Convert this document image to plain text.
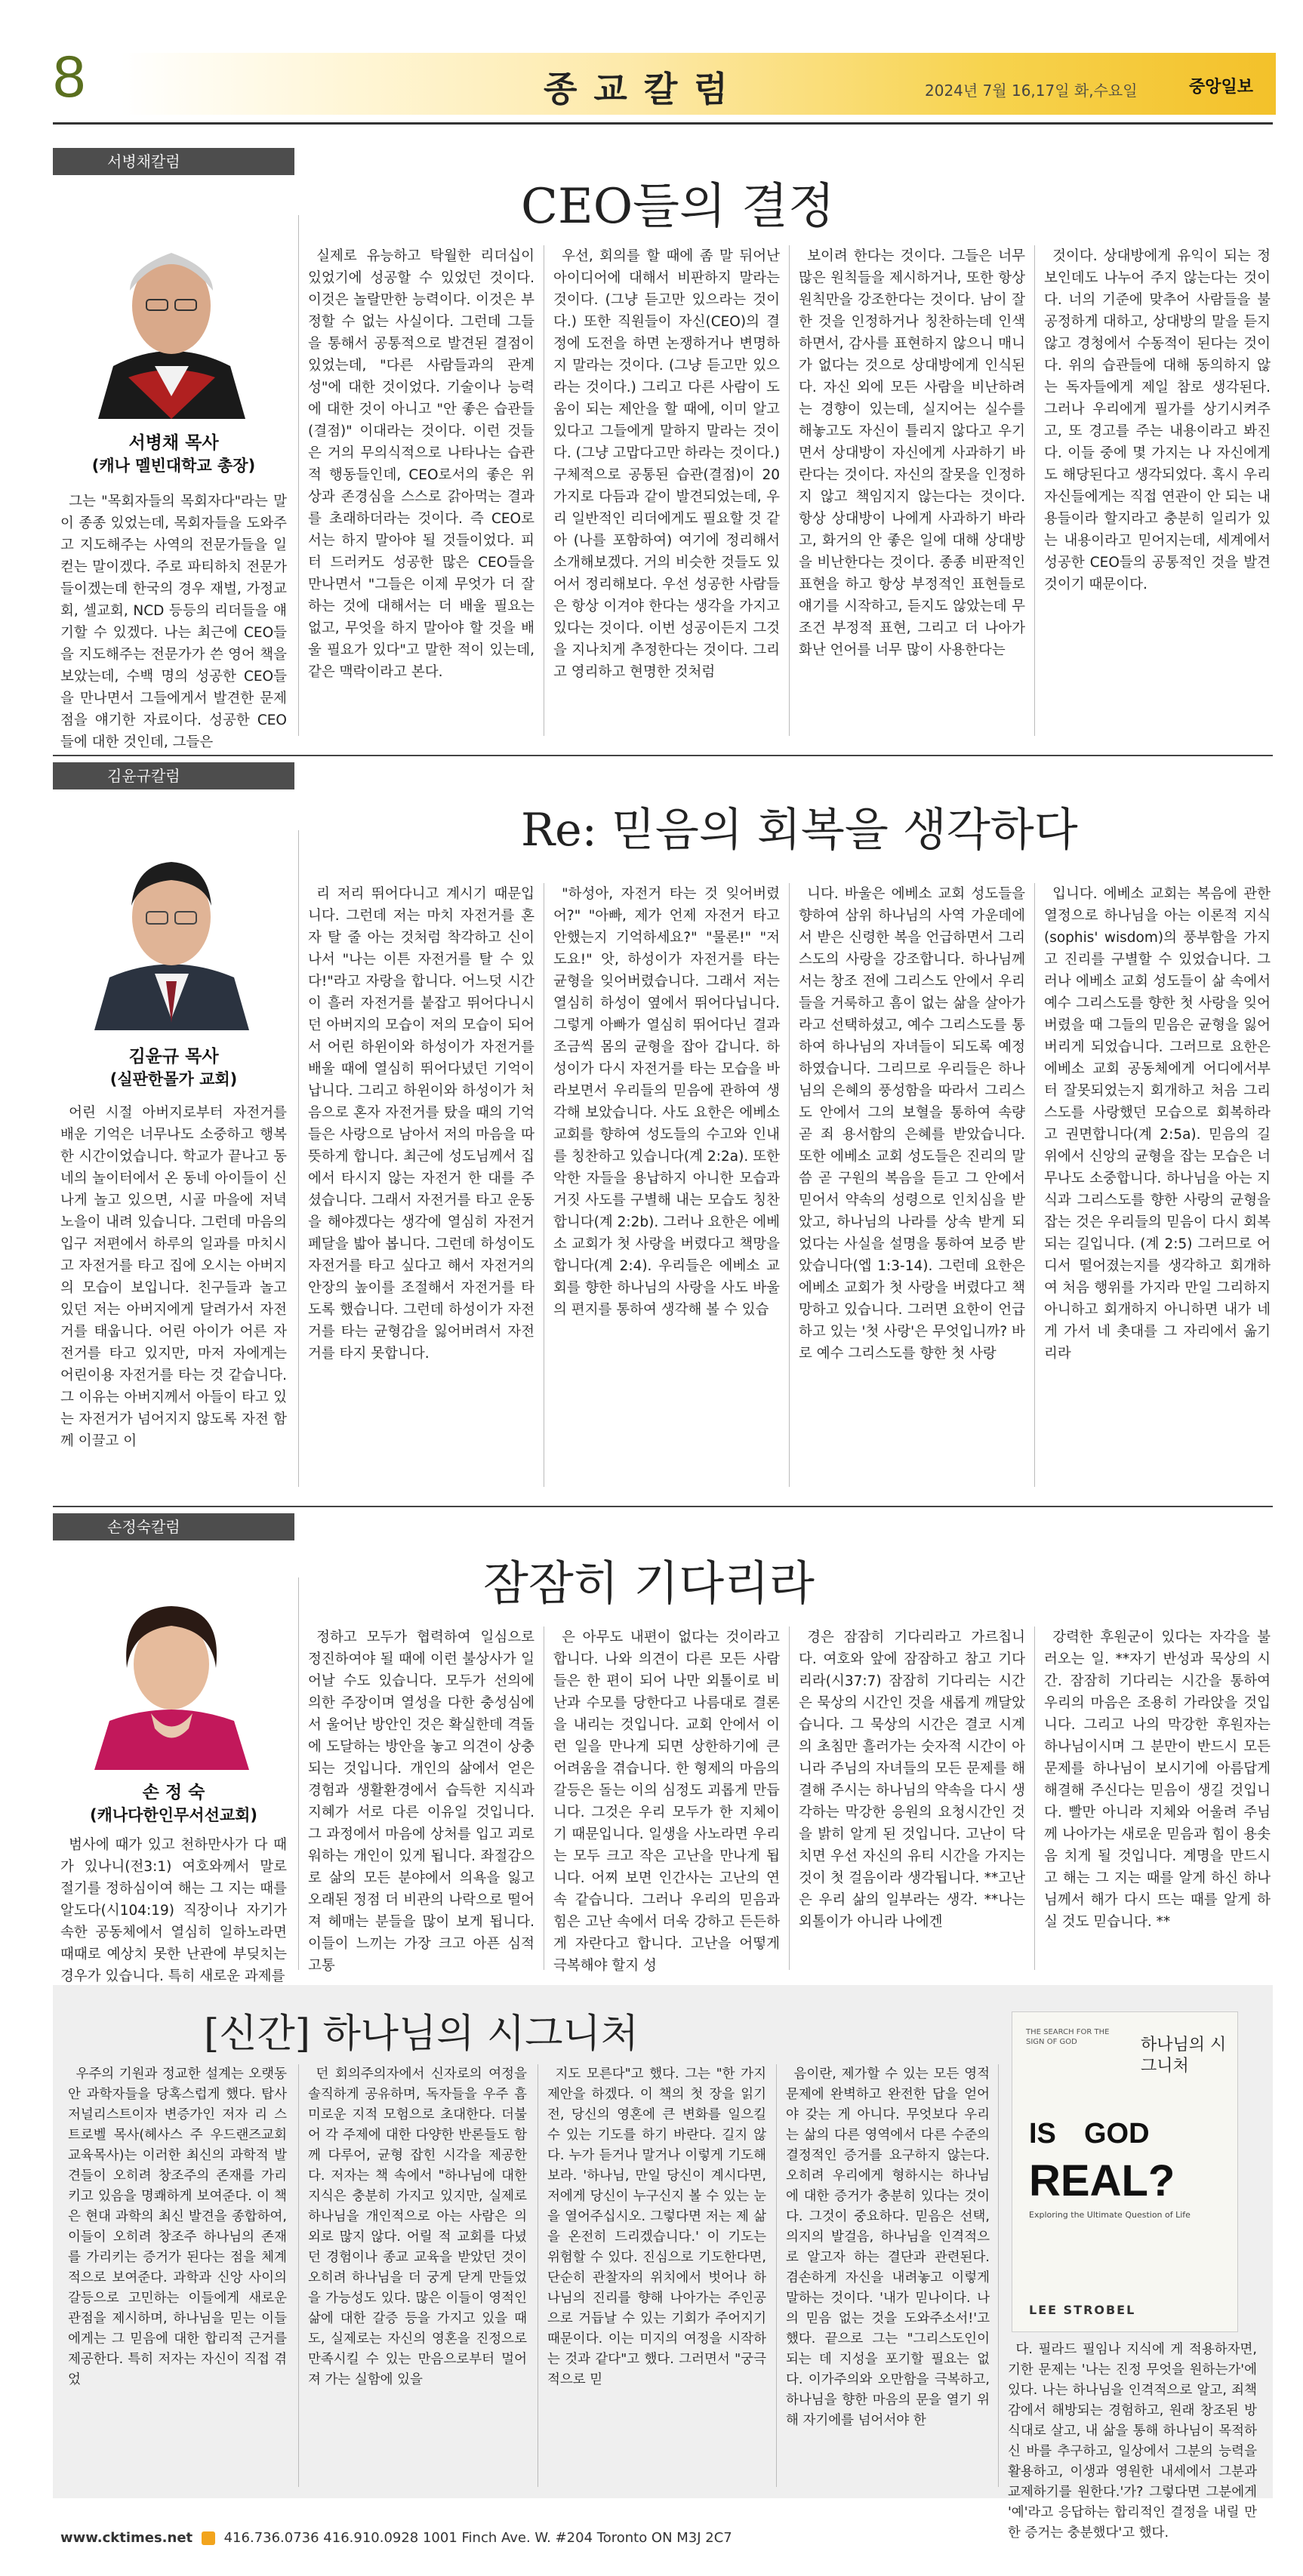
8	종교칼럼	2024년 7월 16,17일 화,수요일	중앙일보
서병채칼럼
CEO들의 결정
서병채 목사
(캐나 멜빈대학교 총장)

그는 "목회자들의 목회자다"라는 말이 종종 있었는데, 목회자들을 도와주고 지도해주는 사역의 전문가들을 일컫는 말이겠다. 주로 파티하치 전문가들이겠는데 한국의 경우 재벌, 가정교회, 셀교회, NCD 등등의 리더들을 얘기할 수 있겠다. 나는 최근에 CEO들을 지도해주는 전문가가 쓴 영어 책을 보았는데, 수백 명의 성공한 CEO들을 만나면서 그들에게서 발견한 문제점을 얘기한 자료이다. 성공한 CEO들에 대한 것인데, 그들은

실제로 유능하고 탁월한 리더십이 있었기에 성공할 수 있었던 것이다. 이것은 놀랄만한 능력이다. 이것은 부정할 수 없는 사실이다. 그런데 그들을 통해서 공통적으로 발견된 결점이 있었는데, "다른 사람들과의 관계성"에 대한 것이었다. 기술이나 능력에 대한 것이 아니고 "안 좋은 습관들(결점)" 이대라는 것이다. 이런 것들은 거의 무의식적으로 나타나는 습관적 행동들인데, CEO로서의 좋은 위상과 존경심을 스스로 갉아먹는 결과를 초래하더라는 것이다. 즉 CEO로서는 하지 말아야 될 것들이었다. 피터 드러커도 성공한 많은 CEO들을 만나면서 "그들은 이제 무엇가 더 잘하는 것에 대해서는 더 배울 필요는 없고, 무엇을 하지 말아야 할 것을 배울 필요가 있다"고 말한 적이 있는데, 같은 맥락이라고 본다.

우선, 회의를 할 때에 좀 말 뒤어난 아이디어에 대해서 비판하지 말라는 것이다. (그냥 듣고만 있으라는 것이다.) 또한 직원들이 자신(CEO)의 결정에 도전을 하면 논쟁하거나 변명하지 말라는 것이다. (그냥 듣고만 있으라는 것이다.) 그리고 다른 사람이 도움이 되는 제안을 할 때에, 이미 알고 있다고 그들에게 말하지 말라는 것이다. (그냥 고맙다고만 하라는 것이다.) 구체적으로 공통된 습관(결점)이 20가지로 다듬과 같이 발견되었는데, 우리 일반적인 리더에게도 필요할 것 같아 (나를 포함하여) 여기에 정리해서 소개해보겠다. 거의 비슷한 것들도 있어서 정리해보다. 우선 성공한 사람들은 항상 이겨야 한다는 생각을 가지고 있다는 것이다. 이번 성공이든지 그것을 지나치게 추정한다는 것이다. 그리고 영리하고 현명한 것처럼

보이려 한다는 것이다. 그들은 너무 많은 원칙들을 제시하거나, 또한 항상 원칙만을 강조한다는 것이다. 남이 잘한 것을 인정하거나 칭찬하는데 인색하면서, 감사를 표현하지 않으니 매니가 없다는 것으로 상대방에게 인식된다. 자신 외에 모든 사람을 비난하려는 경향이 있는데, 실지어는 실수를 해놓고도 자신이 틀리지 않다고 우기면서 상대방이 자신에게 사과하기 바란다는 것이다. 자신의 잘못을 인정하지 않고 책임지지 않는다는 것이다. 항상 상대방이 나에게 사과하기 바라고, 화거의 안 좋은 일에 대해 상대방을 비난한다는 것이다. 종종 비판적인 표현을 하고 항상 부정적인 표현들로 얘기를 시작하고, 듣지도 않았는데 무조건 부정적 표현, 그리고 더 나아가 화난 언어를 너무 많이 사용한다는

것이다. 상대방에게 유익이 되는 정보인데도 나누어 주지 않는다는 것이다. 너의 기준에 맞추어 사람들을 불공정하게 대하고, 상대방의 말을 듣지 않고 경청에서 수동적이 된다는 것이다. 위의 습관들에 대해 동의하지 않는 독자들에게 제일 참로 생각된다. 그러나 우리에게 필가를 상기시켜주고, 또 경고를 주는 내용이라고 봐진다. 이들 중에 몇 가지는 나 자신에게도 해당된다고 생각되었다. 혹시 우리 자신들에게는 직접 연관이 안 되는 내용들이라 할지라고 충분히 일리가 있는 내용이라고 믿어지는데, 세계에서 성공한 CEO들의 공통적인 것을 발견 것이기 때문이다.

김윤규칼럼
Re: 믿음의 회복을 생각하다
김윤규 목사
(실판한몰가 교회)

어린 시절 아버지로부터 자전거를 배운 기억은 너무나도 소중하고 행복한 시간이었습니다. 학교가 끝나고 동네의 놀이터에서 온 동네 아이들이 신나게 놀고 있으면, 시골 마을에 저녁 노을이 내려 있습니다. 그런데 마음의 입구 저편에서 하루의 일과를 마치시고 자전거를 타고 집에 오시는 아버지의 모습이 보입니다. 친구들과 놀고 있던 저는 아버지에게 달려가서 자전거를 태웁니다. 어린 아이가 어른 자전거를 타고 있지만, 마저 자에게는 어린이용 자전거를 타는 것 같습니다. 그 이유는 아버지께서 아들이 타고 있는 자전거가 넘어지지 않도록 자전 함께 이끌고 이

리 저리 뛰어다니고 계시기 때문입니다. 그런데 저는 마치 자전거를 혼자 탈 줄 아는 것처럼 착각하고 신이 나서 "나는 이튼 자전거를 탈 수 있다!"라고 자랑을 합니다. 어느덧 시간이 흘러 자전거를 붙잡고 뛰어다니시던 아버지의 모습이 저의 모습이 되어서 어린 하윈이와 하성이가 자전거를 배울 때에 열심히 뛰어다녔던 기억이 납니다. 그리고 하윈이와 하성이가 처음으로 혼자 자전거를 탔을 때의 기억들은 사랑으로 남아서 저의 마음을 따뜻하게 합니다. 최근에 성도님께서 집에서 타시지 않는 자전거 한 대를 주셨습니다. 그래서 자전거를 타고 운동을 해야겠다는 생각에 열심히 자전거 페달을 밟아 봅니다. 그런데 하성이도 자전거를 타고 싶다고 해서 자전거의 안장의 높이를 조절해서 자전거를 타도록 했습니다. 그런데 하성이가 자전거를 타는 균형감을 잃어버려서 자전거를 타지 못합니다.

"하성아, 자전거 타는 것 잊어버렸어?" "아빠, 제가 언제 자전거 타고 안했는지 기억하세요?" "물론!" "저도요!" 앗, 하성이가 자전거를 타는 균형을 잊어버렸습니다. 그래서 저는 열심히 하성이 옆에서 뛰어다닙니다. 그렇게 아빠가 열심히 뛰어다닌 결과 조금씩 몸의 균형을 잡아 갑니다. 하성이가 다시 자전거를 타는 모습을 바라보면서 우리들의 믿음에 관하여 생각해 보았습니다. 사도 요한은 에베소 교회를 향하여 성도들의 수고와 인내를 칭찬하고 있습니다(계 2:2a). 또한 악한 자들을 용납하지 아니한 모습과 거짓 사도를 구별해 내는 모습도 칭찬합니다(계 2:2b). 그러나 요한은 에베소 교회가 첫 사랑을 버렸다고 책망을 합니다(계 2:4). 우리들은 에베소 교회를 향한 하나님의 사랑을 사도 바울의 편지를 통하여 생각해 볼 수 있습

니다. 바울은 에베소 교회 성도들을 향하여 삼위 하나님의 사역 가운데에서 받은 신령한 복을 언급하면서 그리스도의 사랑을 강조합니다. 하나님께서는 창조 전에 그리스도 안에서 우리들을 거룩하고 흠이 없는 삶을 살아가라고 선택하셨고, 예수 그리스도를 통하여 하나님의 자녀들이 되도록 예정하였습니다. 그리므로 우리들은 하나님의 은혜의 풍성함을 따라서 그리스도 안에서 그의 보혈을 통하여 속량 곧 죄 용서함의 은혜를 받았습니다. 또한 에베소 교회 성도들은 진리의 말씀 곧 구원의 복음을 듣고 그 안에서 믿어서 약속의 성령으로 인치심을 받았고, 하나님의 나라를 상속 받게 되었다는 사실을 설명을 통하여 보증 받았습니다(엡 1:3-14). 그런데 요한은 에베소 교회가 첫 사랑을 버렸다고 책망하고 있습니다. 그러면 요한이 언급하고 있는 '첫 사랑'은 무엇입니까? 바로 예수 그리스도를 향한 첫 사랑

입니다. 에베소 교회는 복음에 관한 열정으로 하나님을 아는 이론적 지식(sophis' wisdom)의 풍부함을 가지고 진리를 구별할 수 있었습니다. 그러나 에베소 교회 성도들이 삶 속에서 예수 그리스도를 향한 첫 사랑을 잊어버렸을 때 그들의 믿음은 균형을 잃어버리게 되었습니다. 그러므로 요한은 에베소 교회 공동체에게 어디에서부터 잘못되었는지 회개하고 처음 그리스도를 사랑했던 모습으로 회복하라고 권면합니다(계 2:5a). 믿음의 길 위에서 신앙의 균형을 잡는 모습은 너무나도 소중합니다. 하나님을 아는 지식과 그리스도를 향한 사랑의 균형을 잡는 것은 우리들의 믿음이 다시 회복되는 길입니다. (계 2:5) 그러므로 어디서 떨어졌는지를 생각하고 회개하여 처음 행위를 가지라 만일 그리하지 아니하고 회개하지 아니하면 내가 네게 가서 네 촛대를 그 자리에서 옮기리라

손정숙칼럼
잠잠히 기다리라
손 정 숙
(캐나다한인무서선교회)

범사에 때가 있고 천하만사가 다 때가 있나니(전3:1) 여호와께서 말로 절기를 정하심이여 해는 그 지는 때를 알도다(시104:19) 직장이나 자기가 속한 공동체에서 열심히 일하노라면 때때로 예상치 못한 난관에 부딪치는 경우가 있습니다. 특히 새로운 과제를

정하고 모두가 협력하여 일심으로 정진하여야 될 때에 이런 불상사가 일어날 수도 있습니다. 모두가 선의에 의한 주장이며 열성을 다한 충성심에서 울어난 방안인 것은 확실한데 격돌에 도달하는 방안을 놓고 의견이 상충되는 것입니다. 개인의 삶에서 얻은 경험과 생활환경에서 습득한 지식과 지혜가 서로 다른 이유일 것입니다. 그 과정에서 마음에 상처를 입고 괴로워하는 개인이 있게 됩니다. 좌절감으로 삶의 모든 분야에서 의욕을 잃고 오래된 정점 더 비관의 나락으로 떨어져 헤매는 분들을 많이 보게 됩니다. 이들이 느끼는 가장 크고 아픈 심적 고통

은 아무도 내편이 없다는 것이라고 합니다. 나와 의견이 다른 모든 사람들은 한 편이 되어 나만 외톨이로 비난과 수모를 당한다고 나름대로 결론을 내리는 것입니다. 교회 안에서 이런 일을 만나게 되면 상한하기에 큰 어려움을 겪습니다. 한 형제의 마음의 갈등은 돌는 이의 심정도 괴롭게 만듭니다. 그것은 우리 모두가 한 지체이기 때문입니다. 일생을 사노라면 우리는 모두 크고 작은 고난을 만나게 됩니다. 어찌 보면 인간사는 고난의 연속 같습니다. 그러나 우리의 믿음과 힘은 고난 속에서 더욱 강하고 든든하게 자란다고 합니다. 고난을 어떻게 극복해야 할지 성

경은 잠잠히 기다리라고 가르칩니다. 여호와 앞에 잠잠하고 참고 기다리라(시37:7) 잠잠히 기다리는 시간은 묵상의 시간인 것을 새롭게 깨달았습니다. 그 묵상의 시간은 결코 시계의 초침만 흘러가는 숫자적 시간이 아니라 주님의 자녀들의 모든 문제를 해결해 주시는 하나님의 약속을 다시 생각하는 막강한 응원의 요청시간인 것을 밝히 알게 된 것입니다. 고난이 닥치면 우선 자신의 유티 시간을 가지는 것이 첫 걸음이라 생각됩니다. **고난은 우리 삶의 일부라는 생각. **나는 외톨이가 아니라 나에겐

강력한 후원군이 있다는 자각을 불러오는 일. **자기 반성과 묵상의 시간. 잠잠히 기다리는 시간을 통하여 우리의 마음은 조용히 가라앉을 것입니다. 그리고 나의 막강한 후원자는 하나님이시며 그 분만이 반드시 모든 문제를 하나님이 보시기에 아름답게 해결해 주신다는 믿음이 생길 것입니다. 빨만 아니라 지체와 어울려 주님께 나아가는 새로운 믿음과 힘이 용솟음 치게 될 것입니다. 계명을 만드시고 해는 그 지는 때를 알게 하신 하나님께서 해가 다시 뜨는 때를 알게 하실 것도 믿습니다. **

[신간] 하나님의 시그니처

우주의 기원과 정교한 설계는 오랫동안 과학자들을 당혹스럽게 했다. 탑사 저널리스트이자 변증가인 저자 리 스트로벨 목사(헤사스 주 우드랜즈교회 교육목사)는 이러한 최신의 과학적 발견들이 오히려 창조주의 존재를 가리키고 있음을 명쾌하게 보여준다. 이 책은 현대 과학의 최신 발견을 종합하여, 이들이 오히려 창조주 하나님의 존재를 가리키는 증거가 된다는 점을 체계적으로 보여준다. 과학과 신앙 사이의 갈등으로 고민하는 이들에게 새로운 관점을 제시하며, 하나님을 믿는 이들에게는 그 믿음에 대한 합리적 근거를 제공한다. 특히 저자는 자신이 직접 겪었

던 회의주의자에서 신자로의 여정을 솔직하게 공유하며, 독자들을 우주 흠미로운 지적 모험으로 초대한다. 더불어 각 주제에 대한 다양한 반론들도 함께 다루어, 균형 잡힌 시각을 제공한다. 저자는 책 속에서 "하나님에 대한 지식은 충분히 가지고 있지만, 실제로 하나님을 개인적으로 아는 사람은 의외로 많지 않다. 어릴 적 교회를 다녔던 경험이나 종교 교육을 받았던 것이 오히려 하나님을 더 궁게 닫게 만들었을 가능성도 있다. 많은 이들이 영적인 삶에 대한 갈증 등을 가지고 있을 때도, 실제로는 자신의 영혼을 진정으로 만족시킬 수 있는 만음으로부터 멀어져 가는 실함에 있을

지도 모른다"고 했다. 그는 "한 가지 제안을 하겠다. 이 책의 첫 장을 읽기 전, 당신의 영혼에 큰 변화를 일으킬 수 있는 기도를 하기 바란다. 길지 않다. 누가 듣거나 말거나 이렇게 기도해보라. '하나님, 만일 당신이 계시다면, 저에게 당신이 누구신지 볼 수 있는 눈을 열어주십시오. 그렇다면 저는 제 삶을 온전히 드리겠습니다.' 이 기도는 위험할 수 있다. 진심으로 기도한다면, 단순히 관찰자의 위치에서 벗어나 하나님의 진리를 향해 나아가는 주인공으로 거듭날 수 있는 기회가 주어지기 때문이다. 이는 미지의 여정을 시작하는 것과 같다"고 했다. 그러면서 "궁극적으로 믿

음이란, 제가할 수 있는 모든 영적 문제에 완벽하고 완전한 답을 얻어야 갖는 게 아니다. 무엇보다 우리는 삶의 다른 영역에서 다른 수준의 결정적인 증거를 요구하지 않는다. 오히려 우리에게 형하시는 하나님에 대한 증거가 충분히 있다는 것이다. 그것이 중요하다. 믿음은 선택, 의지의 발걸음, 하나님을 인격적으로 알고자 하는 결단과 관련된다. 겸손하게 자신을 내려놓고 이렇게 말하는 것이다. '내가 믿나이다. 나의 믿음 없는 것을 도와주소서!'고 했다. 끝으로 그는 "그리스도인이 되는 데 지성을 포기할 필요는 없다. 이가주의와 오만함을 극복하고, 하나님을 향한 마음의 문을 열기 위해 자기에를 넘어서야 한

다. 필라드 필임나 지식에 게 적용하자면, 기한 문제는 '나는 진정 무엇을 원하는가'에 있다. 나는 하나님을 인격적으로 알고, 죄책감에서 해방되는 경험하고, 원래 창조된 방식대로 살고, 내 삶을 통해 하나님이 목적하신 바를 추구하고, 일상에서 그분의 능력을 활용하고, 이생과 영원한 내세에서 그분과 교제하기를 원한다.'가? 그렇다면 그분에게 '예'라고 응답하는 합리적인 결정을 내릴 만한 증거는 충분했다'고 했다.

THE SEARCH FOR THE SIGN OF GOD	하나님의 시그니처
IS GOD
REAL?
Exploring the Ultimate Question of Life
LEE STROBEL
www.cktimes.net 416.736.0736 416.910.0928 1001 Finch Ave. W. #204 Toronto ON M3J 2C7
